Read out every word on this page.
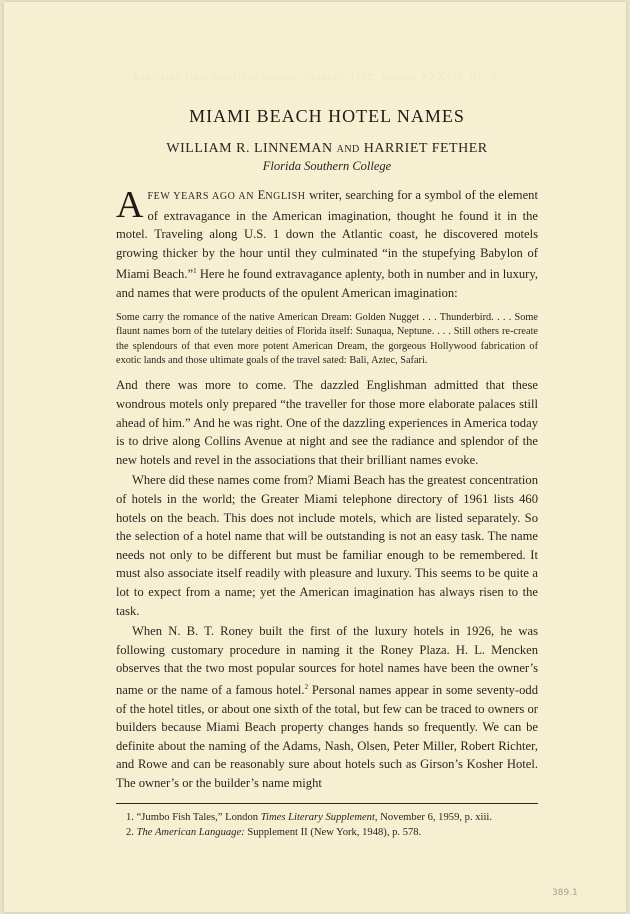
Reprinted from American Speech, October, 1962, Volume XXXVII, No. 3
MIAMI BEACH HOTEL NAMES
WILLIAM R. LINNEMAN AND HARRIET FETHER
Florida Southern College

AFEW YEARS AGO AN ENGLISH writer, searching for a symbol of the element of extravagance in the American imagination, thought he found it in the motel. Traveling along U.S. 1 down the Atlantic coast, he discovered motels growing thicker by the hour until they culminated “in the stupefying Babylon of Miami Beach.”$^1$ Here he found extravagance aplenty, both in number and in luxury, and names that were products of the opulent American imagination:

Some carry the romance of the native American Dream: Golden Nugget . . . Thunderbird. . . . Some flaunt names born of the tutelary deities of Florida itself: Sunaqua, Neptune. . . . Still others re-create the splendours of that even more potent American Dream, the gorgeous Hollywood fabrication of exotic lands and those ultimate goals of the travel sated: Bali, Aztec, Safari.

And there was more to come. The dazzled Englishman admitted that these wondrous motels only prepared “the traveller for those more elaborate palaces still ahead of him.” And he was right. One of the dazzling experiences in America today is to drive along Collins Avenue at night and see the radiance and splendor of the new hotels and revel in the associations that their brilliant names evoke.

Where did these names come from? Miami Beach has the greatest concentration of hotels in the world; the Greater Miami telephone directory of 1961 lists 460 hotels on the beach. This does not include motels, which are listed separately. So the selection of a hotel name that will be outstanding is not an easy task. The name needs not only to be different but must be familiar enough to be remembered. It must also associate itself readily with pleasure and luxury. This seems to be quite a lot to expect from a name; yet the American imagination has always risen to the task.

When N. B. T. Roney built the first of the luxury hotels in 1926, he was following customary procedure in naming it the Roney Plaza. H. L. Mencken observes that the two most popular sources for hotel names have been the owner’s name or the name of a famous hotel.$^2$ Personal names appear in some seventy-odd of the hotel titles, or about one sixth of the total, but few can be traced to owners or builders because Miami Beach property changes hands so frequently. We can be definite about the naming of the Adams, Nash, Olsen, Peter Miller, Robert Richter, and Rowe and can be reasonably sure about hotels such as Girson’s Kosher Hotel. The owner’s or the builder’s name might

1. “Jumbo Fish Tales,” London Times Literary Supplement, November 6, 1959, p. xiii.
2. The American Language: Supplement II (New York, 1948), p. 578.
389.1
